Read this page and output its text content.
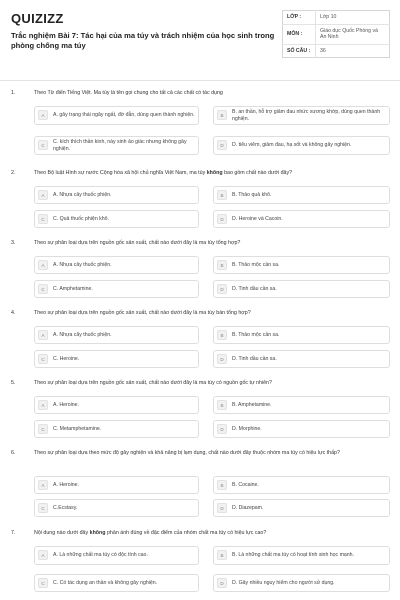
QUIZIZZ
Trắc nghiệm Bài 7: Tác hại của ma túy và trách nhiệm của học sinh trong phòng chống ma túy
LỚP :	Lớp 10
MÔN :	Giáo dục Quốc Phòng và An Ninh
SỐ CÂU :	36
1.	Theo Từ điển Tiếng Việt. Ma túy là tên gọi chung cho tất cả các chất có tác dụng
A	A. gây trạng thái ngây ngất, đờ đẫn, dùng quen thành nghiện.	B
B. an thần, hỗ trợ giảm đau nhức xương khớp, dùng quen thành nghiện.
C
C. kích thích thần kinh, này sinh ảo giác nhưng không gây nghiện.	D	D. tiêu viêm, giảm đau, hạ sốt và không gây nghiện.
2.	Theo Bộ luật Hình sự nước Cộng hòa xã hội chủ nghĩa Việt Nam, ma túy không bao gồm chất nào dưới đây?
A	A. Nhựa cây thuốc phiện.	B	B. Thảo quả khô.
C	C. Quả thuốc phiện khô.	D	D. Heroine và Cacoin.
3.	Theo sự phân loại dựa trên nguồn gốc sản xuất, chất nào dưới đây là ma túy tổng hợp?
A	A. Nhựa cây thuốc phiện.	B	B. Thảo mộc cần sa.
C	C. Amphetamine.	D	D. Tinh dầu cần sa.
4.	Theo sự phân loại dựa trên nguồn gốc sản xuất, chất nào dưới đây là ma túy bán tổng hợp?
A	A. Nhựa cây thuốc phiện.	B	B. Thảo mộc cần sa.
C	C. Heroine.	D	D. Tinh dầu cần sa.
5.	Theo sự phân loại dựa trên nguồn gốc sản xuất, chất nào dưới đây là ma túy có nguồn gốc tự nhiên?
A	A. Heroine.	B	B. Amphetamine.
C	C. Metamphetamine.	D	D. Morphine.
6.	Theo sự phân loại dựa theo mức độ gây nghiện và khả năng bị lạm dụng, chất nào dưới đây thuộc nhóm ma túy có hiệu lực thấp?
A	A. Heroine.	B	B. Cocaine.
C	C.Ecstasy.	D	D. Diazepam.
7.	Nội dung nào dưới đây không phản ánh đúng về đặc điểm của nhóm chất ma túy có hiệu lực cao?
A	A. Là những chất ma túy có độc tính cao.	B	B. Là những chất ma túy có hoạt tính sinh học mạnh.
C	C. Có tác dụng an thần và không gây nghiện.	D	D. Gây nhiều nguy hiểm cho người sử dụng.
